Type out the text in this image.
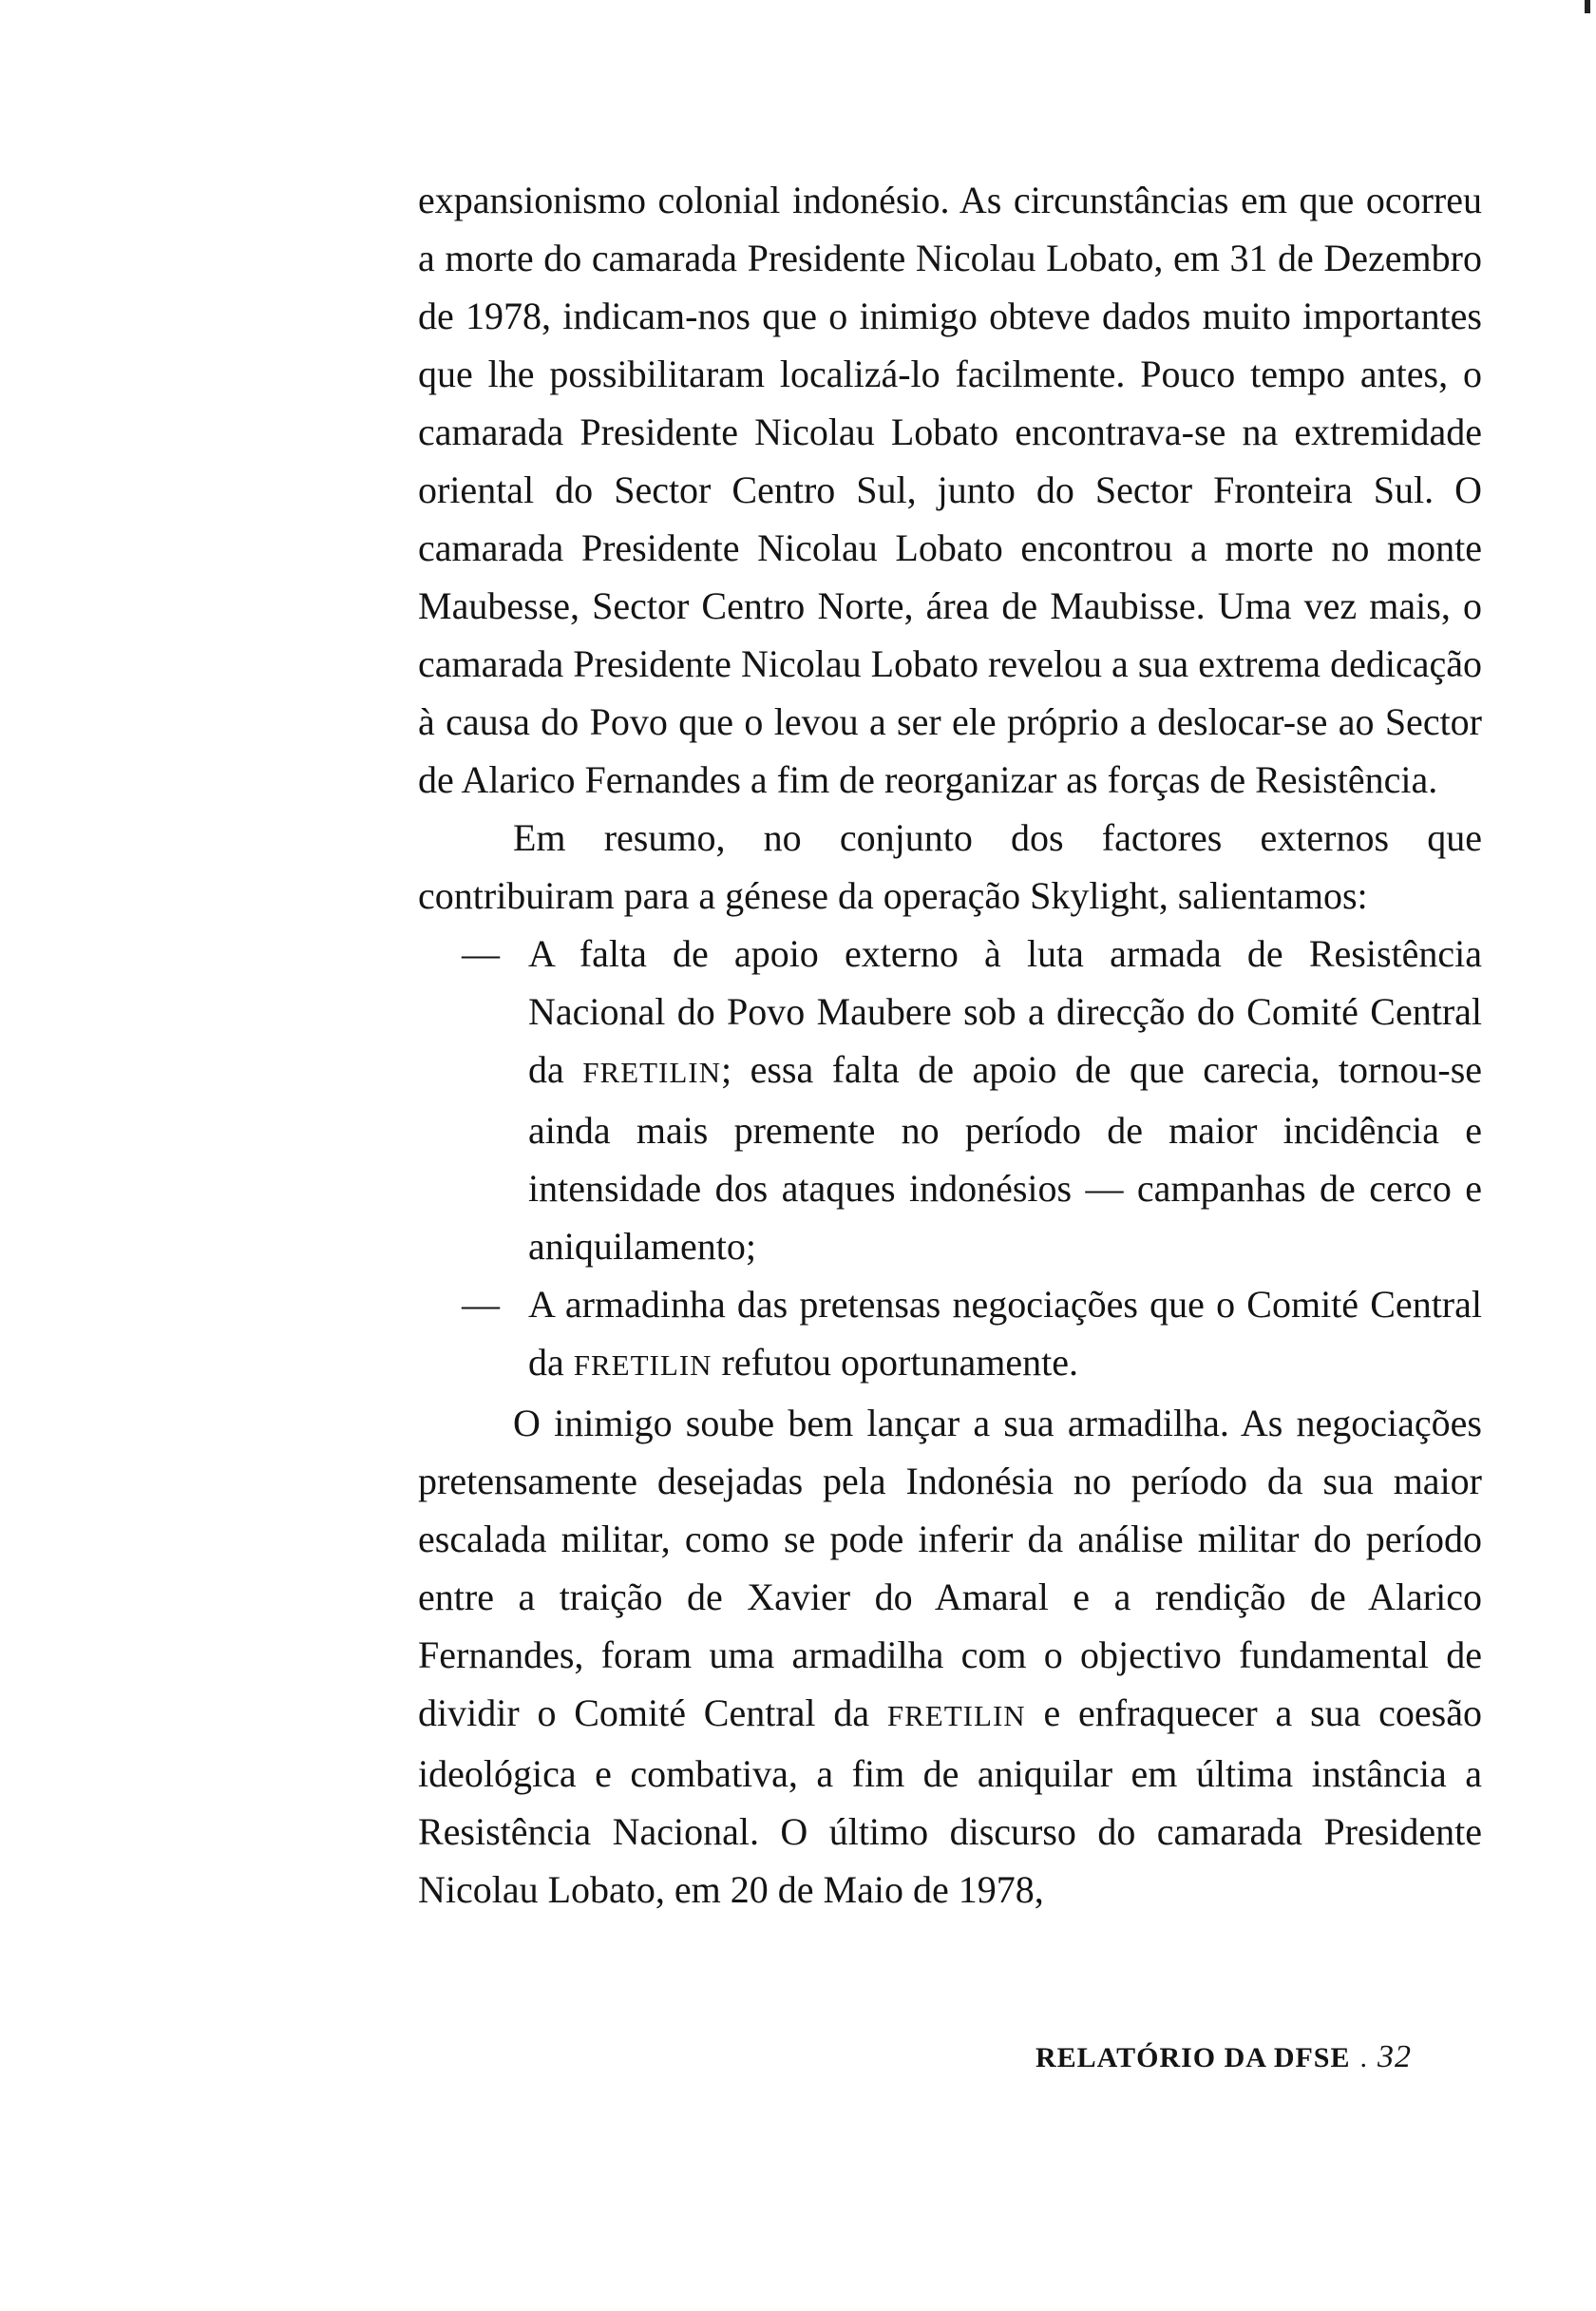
expansionismo colonial indonésio. As circunstâncias em que ocorreu a morte do camarada Presidente Nicolau Lobato, em 31 de Dezembro de 1978, indicam-nos que o inimigo obteve dados muito importantes que lhe possibilitaram localizá-lo facilmente. Pouco tempo antes, o camarada Presidente Nicolau Lobato encontrava-se na extremidade oriental do Sector Centro Sul, junto do Sector Fronteira Sul. O camarada Presidente Nicolau Lobato encontrou a morte no monte Maubesse, Sector Centro Norte, área de Maubisse. Uma vez mais, o camarada Presidente Nicolau Lobato revelou a sua extrema dedicação à causa do Povo que o levou a ser ele próprio a deslocar-se ao Sector de Alarico Fernandes a fim de reorganizar as forças de Resistência.

Em resumo, no conjunto dos factores externos que contribuiram para a génese da operação Skylight, salientamos:

— A falta de apoio externo à luta armada de Resistência Nacional do Povo Maubere sob a direcção do Comité Central da FRETILIN; essa falta de apoio de que carecia, tornou-se ainda mais premente no período de maior incidência e intensidade dos ataques indonésios — campanhas de cerco e aniquilamento;

— A armadinha das pretensas negociações que o Comité Central da FRETILIN refutou oportunamente.

O inimigo soube bem lançar a sua armadilha. As negociações pretensamente desejadas pela Indonésia no período da sua maior escalada militar, como se pode inferir da análise militar do período entre a traição de Xavier do Amaral e a rendição de Alarico Fernandes, foram uma armadilha com o objectivo fundamental de dividir o Comité Central da FRETILIN e enfraquecer a sua coesão ideológica e combativa, a fim de aniquilar em última instância a Resistência Nacional. O último discurso do camarada Presidente Nicolau Lobato, em 20 de Maio de 1978,

RELATÓRIO DA DFSE . 32
